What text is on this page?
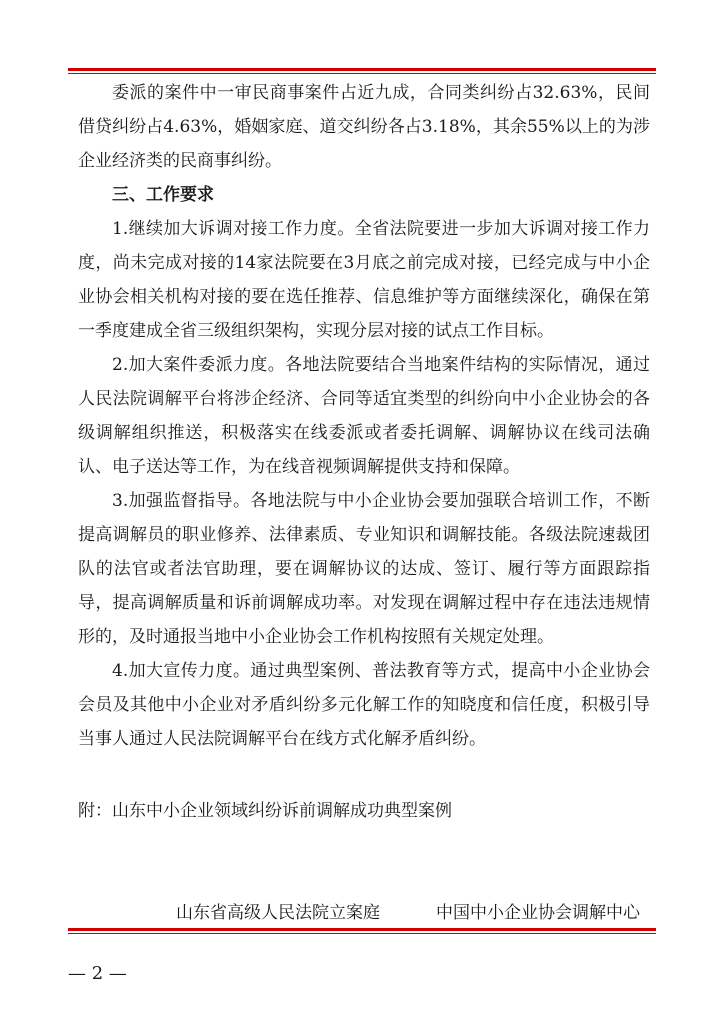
委派的案件中一审民商事案件占近九成，合同类纠纷占32.63%，民间借贷纠纷占4.63%，婚姻家庭、道交纠纷各占3.18%，其余55%以上的为涉企业经济类的民商事纠纷。

三、工作要求

1.继续加大诉调对接工作力度。全省法院要进一步加大诉调对接工作力度，尚未完成对接的14家法院要在3月底之前完成对接，已经完成与中小企业协会相关机构对接的要在选任推荐、信息维护等方面继续深化，确保在第一季度建成全省三级组织架构，实现分层对接的试点工作目标。

2.加大案件委派力度。各地法院要结合当地案件结构的实际情况，通过人民法院调解平台将涉企经济、合同等适宜类型的纠纷向中小企业协会的各级调解组织推送，积极落实在线委派或者委托调解、调解协议在线司法确认、电子送达等工作，为在线音视频调解提供支持和保障。

3.加强监督指导。各地法院与中小企业协会要加强联合培训工作，不断提高调解员的职业修养、法律素质、专业知识和调解技能。各级法院速裁团队的法官或者法官助理，要在调解协议的达成、签订、履行等方面跟踪指导，提高调解质量和诉前调解成功率。对发现在调解过程中存在违法违规情形的，及时通报当地中小企业协会工作机构按照有关规定处理。

4.加大宣传力度。通过典型案例、普法教育等方式，提高中小企业协会会员及其他中小企业对矛盾纠纷多元化解工作的知晓度和信任度，积极引导当事人通过人民法院调解平台在线方式化解矛盾纠纷。

附：山东中小企业领域纠纷诉前调解成功典型案例
山东省高级人民法院立案庭	中国中小企业协会调解中心
— 2 —
